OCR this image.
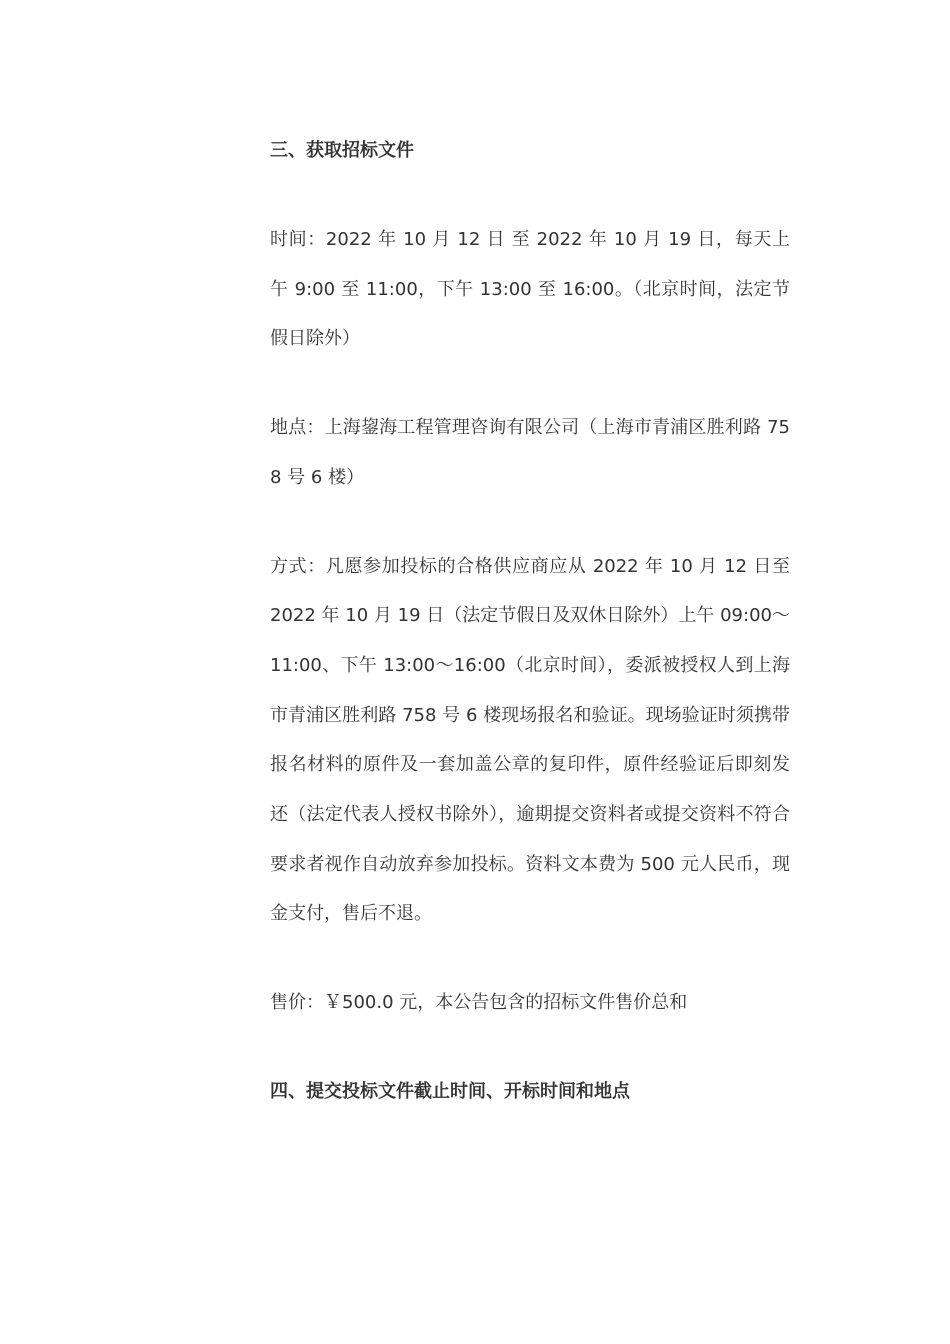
三、获取招标文件

时间：2022 年 10 月 12 日 至 2022 年 10 月 19 日，每天上午 9:00 至 11:00，下午 13:00 至 16:00。（北京时间，法定节假日除外）

地点：上海鋆海工程管理咨询有限公司（上海市青浦区胜利路 758 号 6 楼）

方式：凡愿参加投标的合格供应商应从 2022 年 10 月 12 日至 2022 年 10 月 19 日（法定节假日及双休日除外）上午 09:00～11:00、下午 13:00～16:00（北京时间），委派被授权人到上海市青浦区胜利路 758 号 6 楼现场报名和验证。现场验证时须携带报名材料的原件及一套加盖公章的复印件，原件经验证后即刻发还（法定代表人授权书除外），逾期提交资料者或提交资料不符合要求者视作自动放弃参加投标。资料文本费为 500 元人民币，现金支付，售后不退。

售价：￥500.0 元，本公告包含的招标文件售价总和

四、提交投标文件截止时间、开标时间和地点
